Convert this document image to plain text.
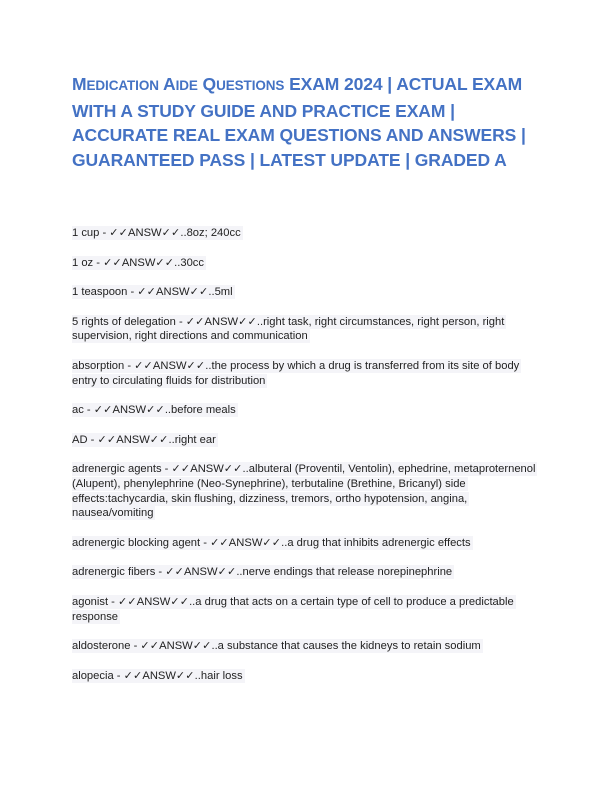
MEDICATION AIDE QUESTIONS EXAM 2024 | ACTUAL EXAM WITH A STUDY GUIDE AND PRACTICE EXAM | ACCURATE REAL EXAM QUESTIONS AND ANSWERS | GUARANTEED PASS | LATEST UPDATE | GRADED A

1 cup - ✓✓ANSW✓✓..8oz; 240cc

1 oz - ✓✓ANSW✓✓..30cc

1 teaspoon - ✓✓ANSW✓✓..5ml

5 rights of delegation - ✓✓ANSW✓✓..right task, right circumstances, right person, right supervision, right directions and communication

absorption - ✓✓ANSW✓✓..the process by which a drug is transferred from its site of body entry to circulating fluids for distribution

ac - ✓✓ANSW✓✓..before meals

AD - ✓✓ANSW✓✓..right ear

adrenergic agents - ✓✓ANSW✓✓..albuteral (Proventil, Ventolin), ephedrine, metaproternenol (Alupent), phenylephrine (Neo-Synephrine), terbutaline (Brethine, Bricanyl) side effects:tachycardia, skin flushing, dizziness, tremors, ortho hypotension, angina, nausea/vomiting

adrenergic blocking agent - ✓✓ANSW✓✓..a drug that inhibits adrenergic effects

adrenergic fibers - ✓✓ANSW✓✓..nerve endings that release norepinephrine

agonist - ✓✓ANSW✓✓..a drug that acts on a certain type of cell to produce a predictable response

aldosterone - ✓✓ANSW✓✓..a substance that causes the kidneys to retain sodium

alopecia - ✓✓ANSW✓✓..hair loss
